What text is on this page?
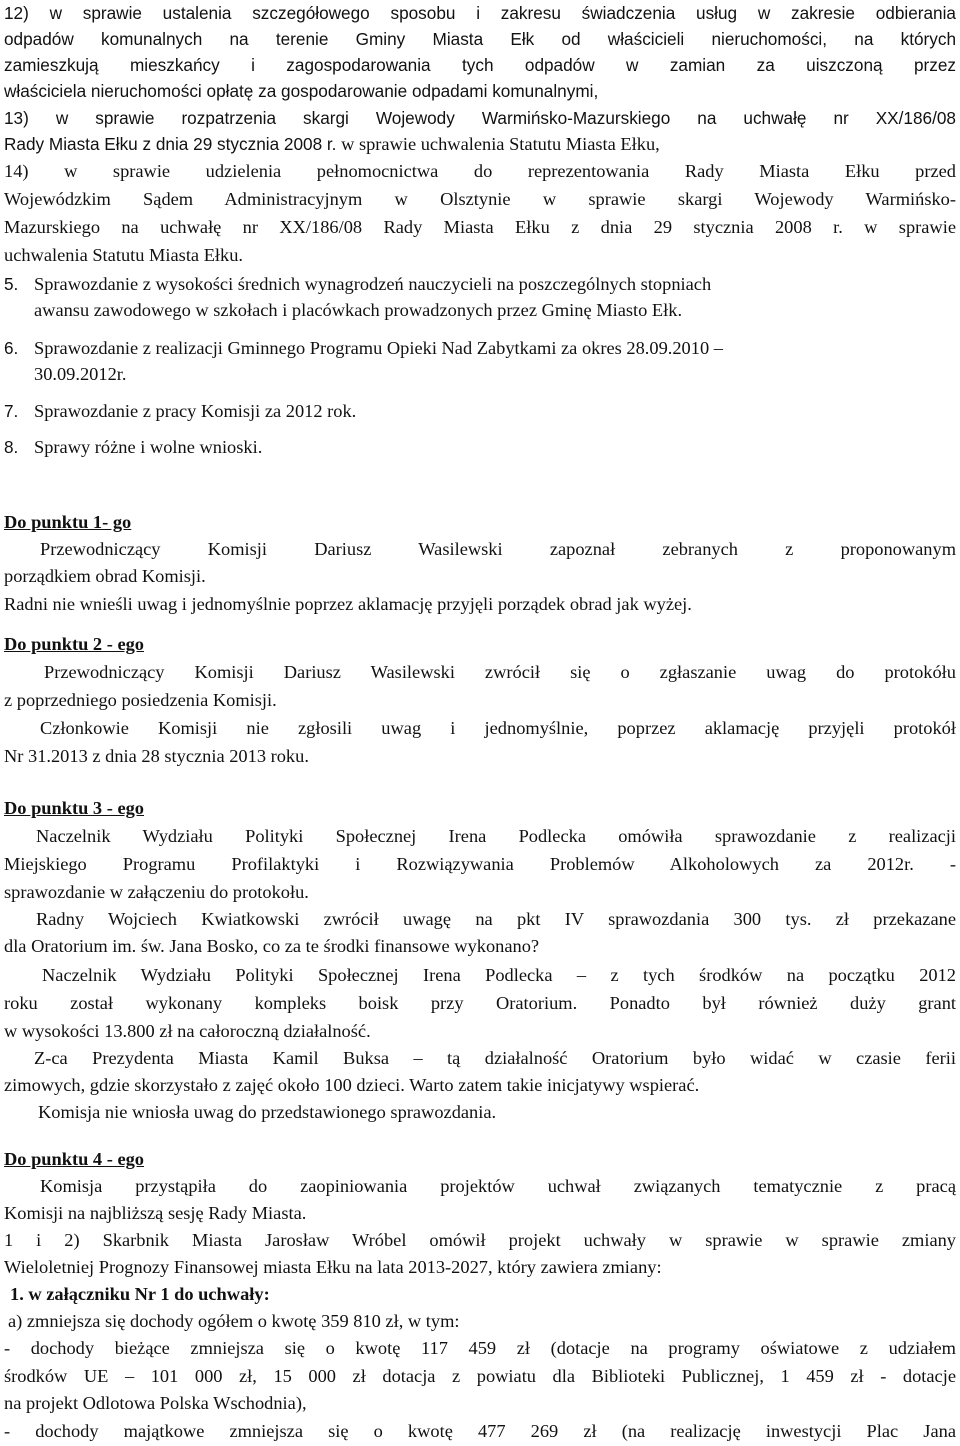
12) w sprawie ustalenia szczegółowego sposobu i zakresu świadczenia usług w zakresie odbierania
odpadów komunalnych na terenie Gminy Miasta Ełk od właścicieli nieruchomości, na których
zamieszkują mieszkańcy i zagospodarowania tych odpadów w zamian za uiszczoną przez
właściciela nieruchomości opłatę za gospodarowanie odpadami komunalnymi,
13) w sprawie rozpatrzenia skargi Wojewody Warmińsko-Mazurskiego na uchwałę nr XX/186/08
Rady Miasta Ełku z dnia 29 stycznia 2008 r. w sprawie uchwalenia Statutu Miasta Ełku,
14) w sprawie udzielenia pełnomocnictwa do reprezentowania Rady Miasta Ełku przed
Wojewódzkim Sądem Administracyjnym w Olsztynie w sprawie skargi Wojewody Warmińsko-
Mazurskiego na uchwałę nr XX/186/08 Rady Miasta Ełku z dnia 29 stycznia 2008 r. w sprawie
uchwalenia Statutu Miasta Ełku.
5. Sprawozdanie z wysokości średnich wynagrodzeń nauczycieli na poszczególnych stopniach
awansu zawodowego w szkołach i placówkach prowadzonych przez Gminę Miasto Ełk.
6. Sprawozdanie z realizacji Gminnego Programu Opieki Nad Zabytkami za okres 28.09.2010 –
30.09.2012r.
7. Sprawozdanie z pracy Komisji za 2012 rok.
8. Sprawy różne i wolne wnioski.
Do punktu 1- go
Przewodniczący Komisji Dariusz Wasilewski zapoznał zebranych z proponowanym
porządkiem obrad Komisji.
Radni nie wnieśli uwag i jednomyślnie poprzez aklamację przyjęli porządek obrad jak wyżej.
Do punktu 2 - ego
Przewodniczący Komisji Dariusz Wasilewski zwrócił się o zgłaszanie uwag do protokółu
z poprzedniego posiedzenia Komisji.
Członkowie Komisji nie zgłosili uwag i jednomyślnie, poprzez aklamację przyjęli protokół
Nr 31.2013 z dnia 28 stycznia 2013 roku.
Do punktu 3 - ego
Naczelnik Wydziału Polityki Społecznej Irena Podlecka omówiła sprawozdanie z realizacji
Miejskiego Programu Profilaktyki i Rozwiązywania Problemów Alkoholowych za 2012r. -
sprawozdanie w załączeniu do protokołu.
Radny Wojciech Kwiatkowski zwrócił uwagę na pkt IV sprawozdania 300 tys. zł przekazane
dla Oratorium im. św. Jana Bosko, co za te środki finansowe wykonano?
Naczelnik Wydziału Polityki Społecznej Irena Podlecka – z tych środków na początku 2012
roku został wykonany kompleks boisk przy Oratorium. Ponadto był również duży grant
w wysokości 13.800 zł na całoroczną działalność.
Z-ca Prezydenta Miasta Kamil Buksa – tą działalność Oratorium było widać w czasie ferii
zimowych, gdzie skorzystało z zajęć około 100 dzieci. Warto zatem takie inicjatywy wspierać.
Komisja nie wniosła uwag do przedstawionego sprawozdania.
Do punktu 4 - ego
Komisja przystąpiła do zaopiniowania projektów uchwał związanych tematycznie z pracą
Komisji na najbliższą sesję Rady Miasta.
1 i 2) Skarbnik Miasta Jarosław Wróbel omówił projekt uchwały w sprawie w sprawie zmiany
Wieloletniej Prognozy Finansowej miasta Ełku na lata 2013-2027, który zawiera zmiany:
1. w załączniku Nr 1 do uchwały:
a) zmniejsza się dochody ogółem o kwotę 359 810 zł, w tym:
- dochody bieżące zmniejsza się o kwotę 117 459 zł (dotacje na programy oświatowe z udziałem
środków UE – 101 000 zł, 15 000 zł dotacja z powiatu dla Biblioteki Publicznej, 1 459 zł - dotacje
na projekt Odlotowa Polska Wschodnia),
- dochody majątkowe zmniejsza się o kwotę 477 269 zł (na realizację inwestycji Plac Jana
